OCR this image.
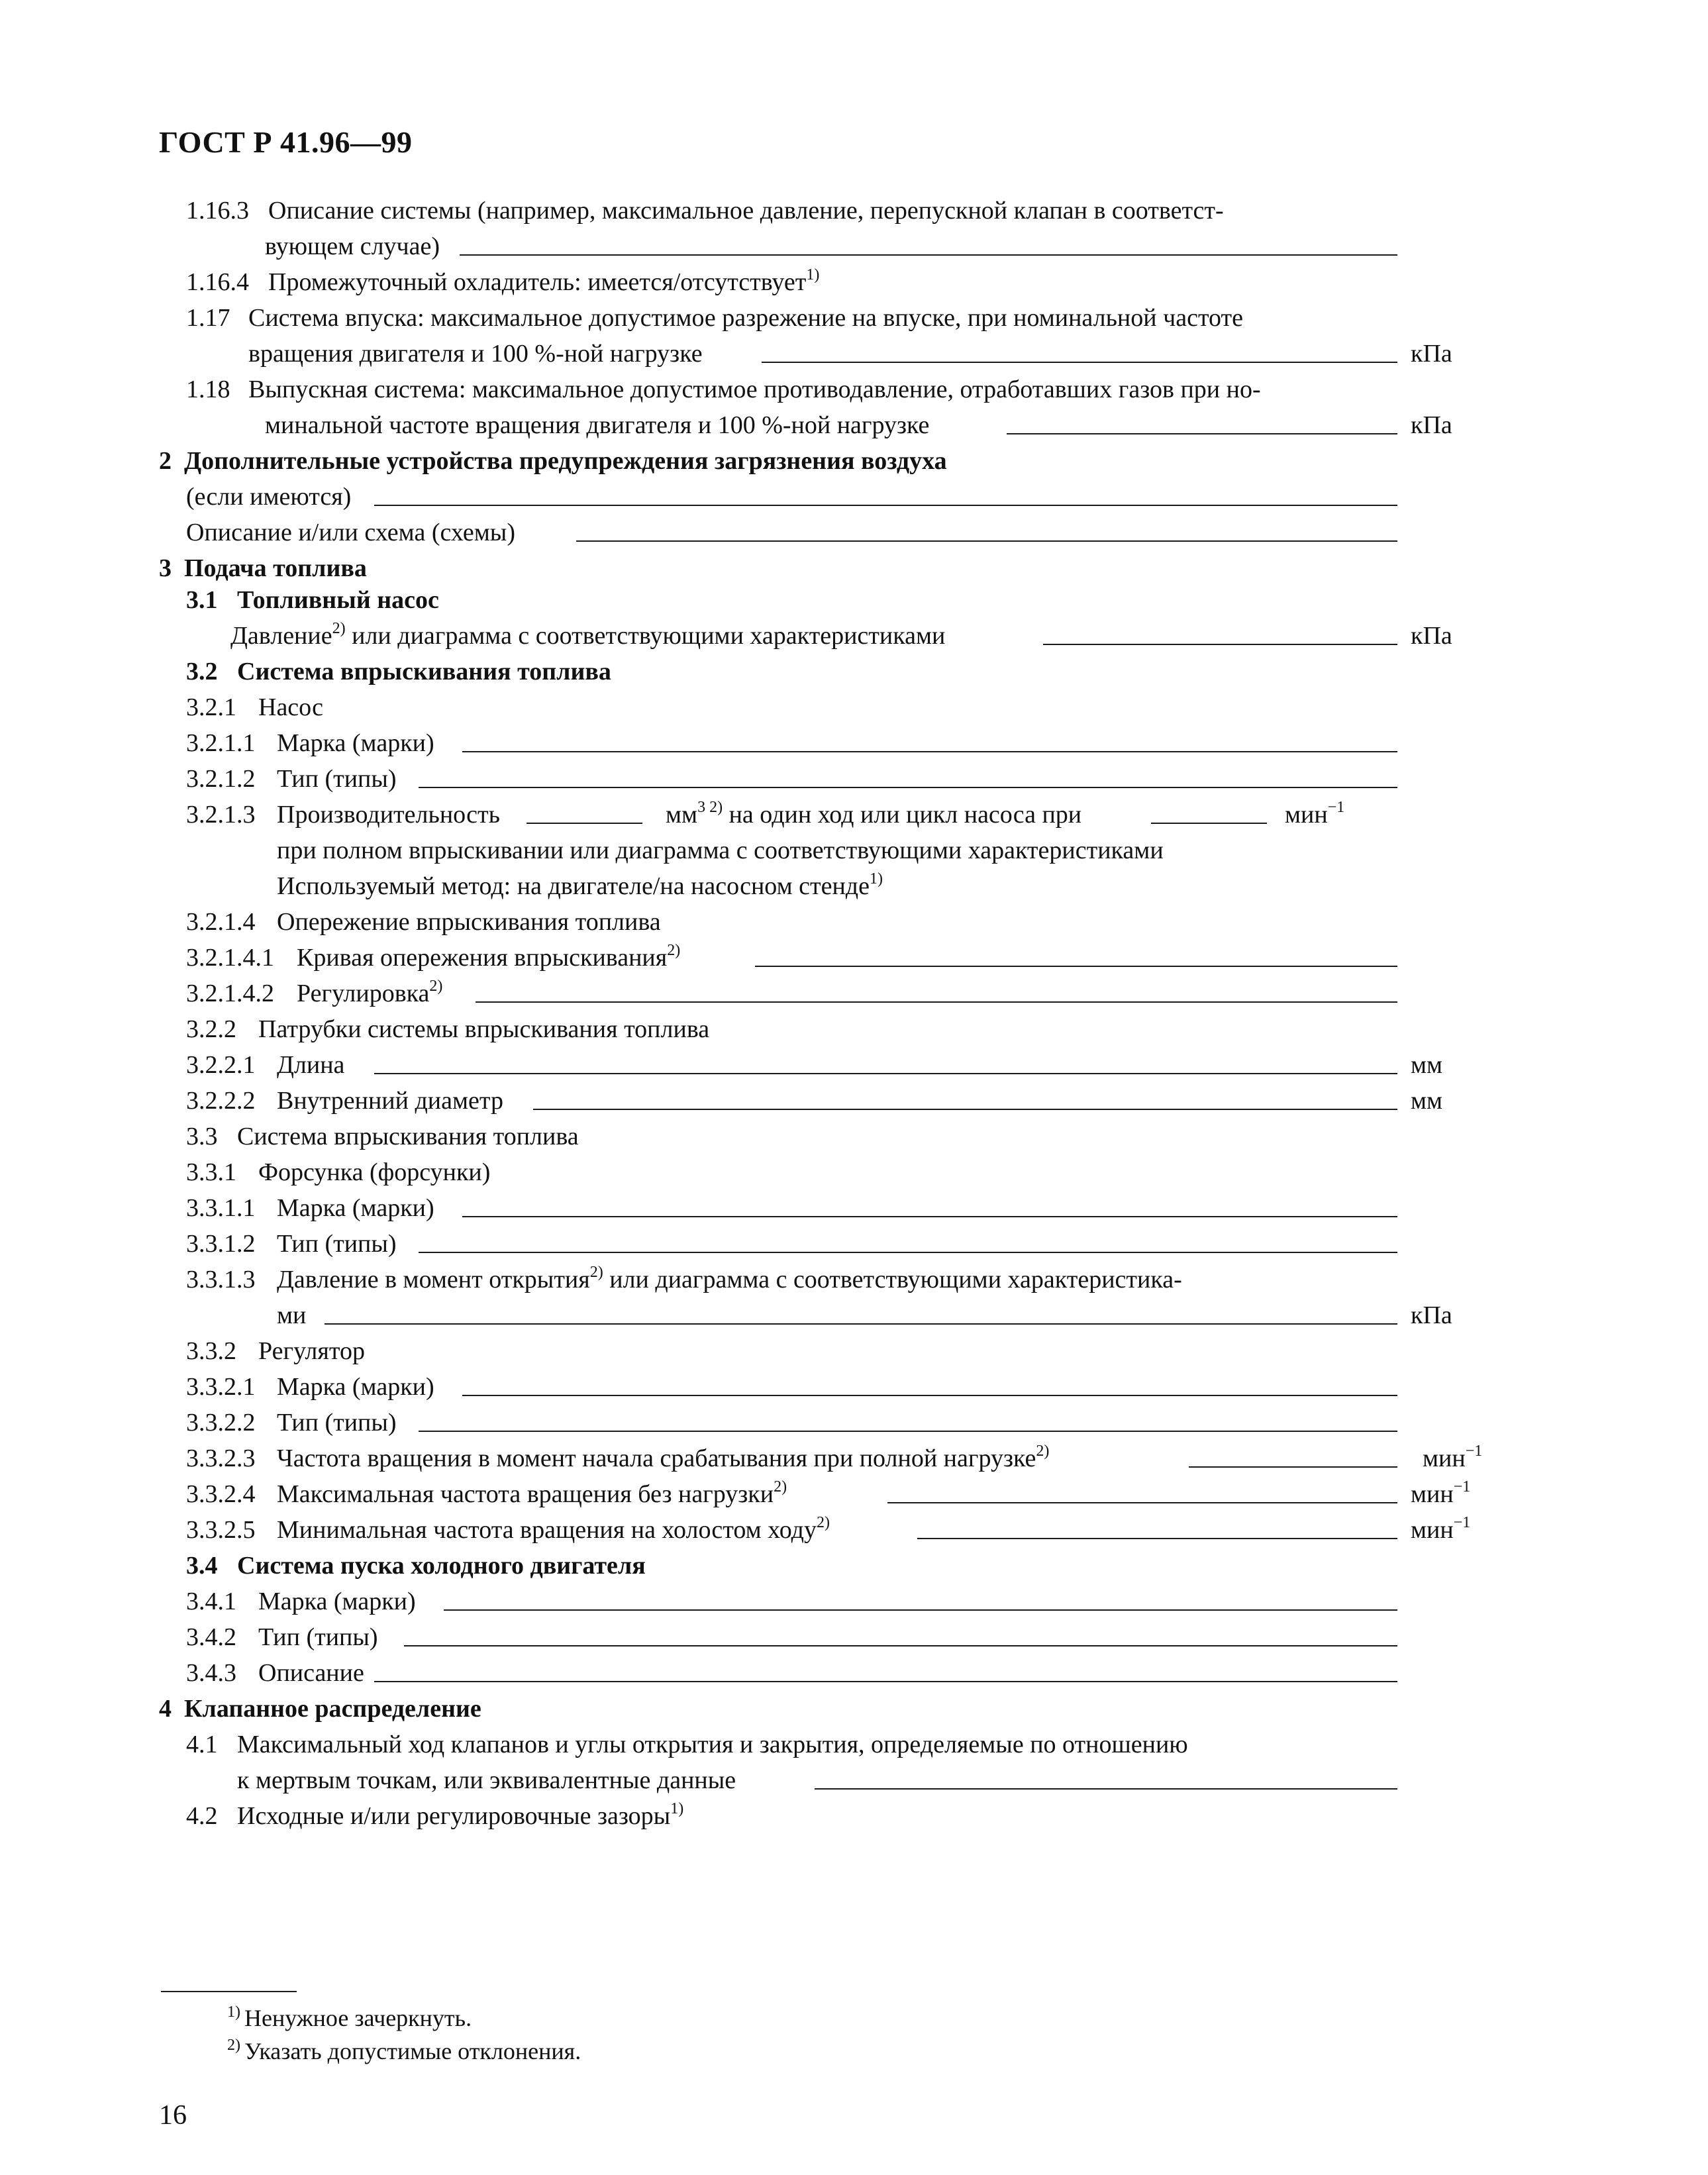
ГОСТ Р 41.96—99
1.16.3 Описание системы (например, максимальное давление, перепускной клапан в соответст-
вующем случае)
1.16.4 Промежуточный охладитель: имеется/отсутствует$^{1)}$
1.17 Система впуска: максимальное допустимое разрежение на впуске, при номинальной частоте
вращения двигателя и 100 %-ной нагрузке	кПа
1.18 Выпускная система: максимальное допустимое противодавление, отработавших газов при но-
минальной частоте вращения двигателя и 100 %-ной нагрузке	кПа
2 Дополнительные устройства предупреждения загрязнения воздуха
(если имеются)
Описание и/или схема (схемы)
3 Подача топлива
3.1 Топливный насос
Давление$^{2)}$ или диаграмма с соответствующими характеристиками	кПа
3.2 Система впрыскивания топлива
3.2.1 Насос
3.2.1.1 Марка (марки)
3.2.1.2 Тип (типы)
3.2.1.3 Производительность	$мм^{3 2)}$ на один ход или цикл насоса при	мин$^{-1}$
при полном впрыскивании или диаграмма с соответствующими характеристиками
Используемый метод: на двигателе/на насосном стенде$^{1)}$
3.2.1.4 Опережение впрыскивания топлива
3.2.1.4.1 Кривая опережения впрыскивания$^{2)}$
3.2.1.4.2 Регулировка$^{2)}$
3.2.2 Патрубки системы впрыскивания топлива
3.2.2.1 Длина	мм
3.2.2.2 Внутренний диаметр	мм
3.3 Система впрыскивания топлива
3.3.1 Форсунка (форсунки)
3.3.1.1 Марка (марки)
3.3.1.2 Тип (типы)
3.3.1.3 Давление в момент открытия$^{2)}$ или диаграмма с соответствующими характеристика-
ми	кПа
3.3.2 Регулятор
3.3.2.1 Марка (марки)
3.3.2.2 Тип (типы)
3.3.2.3 Частота вращения в момент начала срабатывания при полной нагрузке$^{2)}$	мин$^{-1}$
3.3.2.4 Максимальная частота вращения без нагрузки$^{2)}$	мин$^{-1}$
3.3.2.5 Минимальная частота вращения на холостом ходу$^{2)}$	мин$^{-1}$
3.4 Система пуска холодного двигателя
3.4.1 Марка (марки)
3.4.2 Тип (типы)
3.4.3 Описание
4 Клапанное распределение
4.1 Максимальный ход клапанов и углы открытия и закрытия, определяемые по отношению
к мертвым точкам, или эквивалентные данные
4.2 Исходные и/или регулировочные зазоры$^{1)}$
$^{1)}$ Ненужное зачеркнуть.
$^{2)}$ Указать допустимые отклонения.
16
